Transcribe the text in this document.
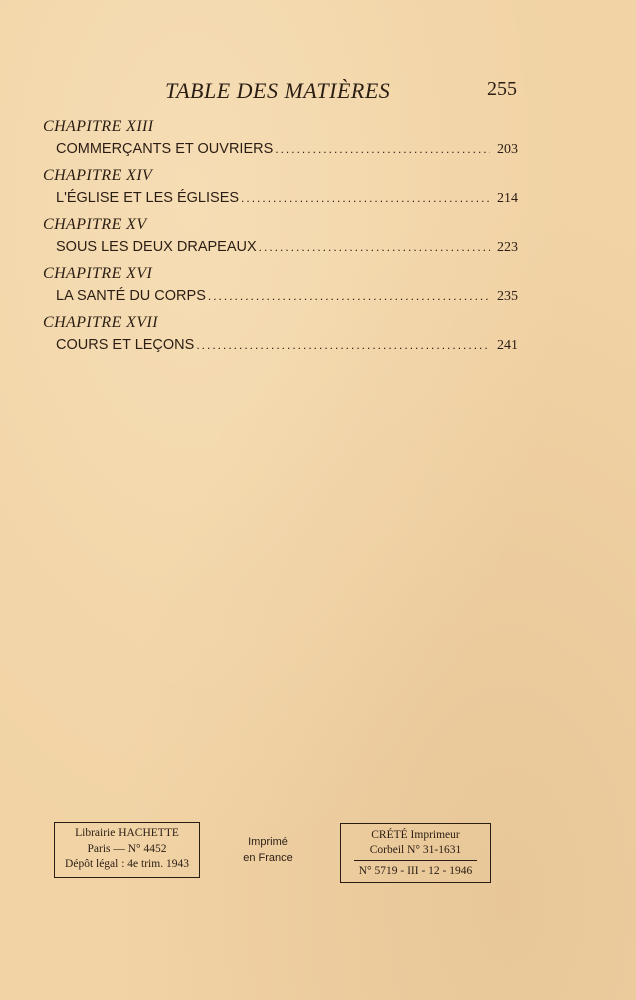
TABLE DES MATIÈRES	255
CHAPITRE XIII
COMMERÇANTS ET OUVRIERS .....	203
CHAPITRE XIV
L'ÉGLISE ET LES ÉGLISES .....	214
CHAPITRE XV
SOUS LES DEUX DRAPEAUX .....	223
CHAPITRE XVI
LA SANTÉ DU CORPS .....	235
CHAPITRE XVII
COURS ET LEÇONS .....	241
Librairie HACHETTE
Paris — N° 4452
Dépôt légal : 4e trim. 1943
Imprimé
en France
CRÉTÉ Imprimeur
Corbeil N° 31-1631
N° 5719 - III - 12 - 1946
